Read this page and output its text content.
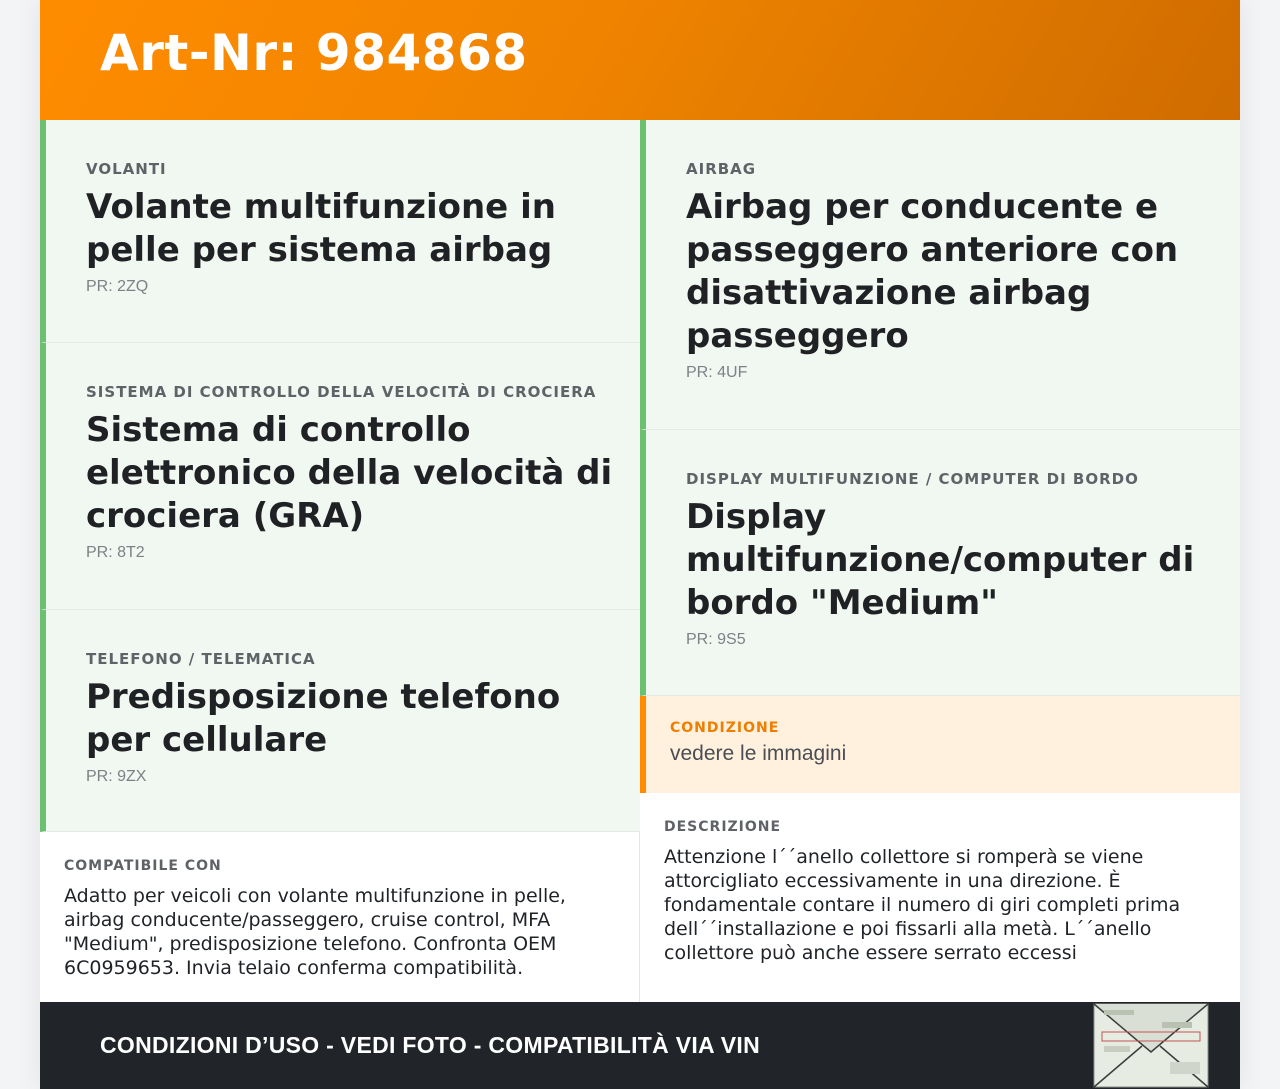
Art-Nr: 984868
VOLANTI
Volante multifunzione in pelle per sistema airbag
PR: 2ZQ
SISTEMA DI CONTROLLO DELLA VELOCITÀ DI CROCIERA
Sistema di controllo elettronico della velocità di crociera (GRA)
PR: 8T2
TELEFONO / TELEMATICA
Predisposizione telefono per cellulare
PR: 9ZX
AIRBAG
Airbag per conducente e passeggero anteriore con disattivazione airbag passeggero
PR: 4UF
DISPLAY MULTIFUNZIONE / COMPUTER DI BORDO
Display multifunzione/computer di bordo "Medium"
PR: 9S5
CONDIZIONE
vedere le immagini
COMPATIBILE CON
Adatto per veicoli con volante multifunzione in pelle, airbag conducente/passeggero, cruise control, MFA "Medium", predisposizione telefono. Confronta OEM 6C0959653. Invia telaio conferma compatibilità.
DESCRIZIONE
Attenzione l´´anello collettore si romperà se viene attorcigliato eccessivamente in una direzione. È fondamentale contare il numero di giri completi prima dell´´installazione e poi fissarli alla metà. L´´anello collettore può anche essere serrato eccessi
CONDIZIONI D’USO - VEDI FOTO - COMPATIBILITÀ VIA VIN
